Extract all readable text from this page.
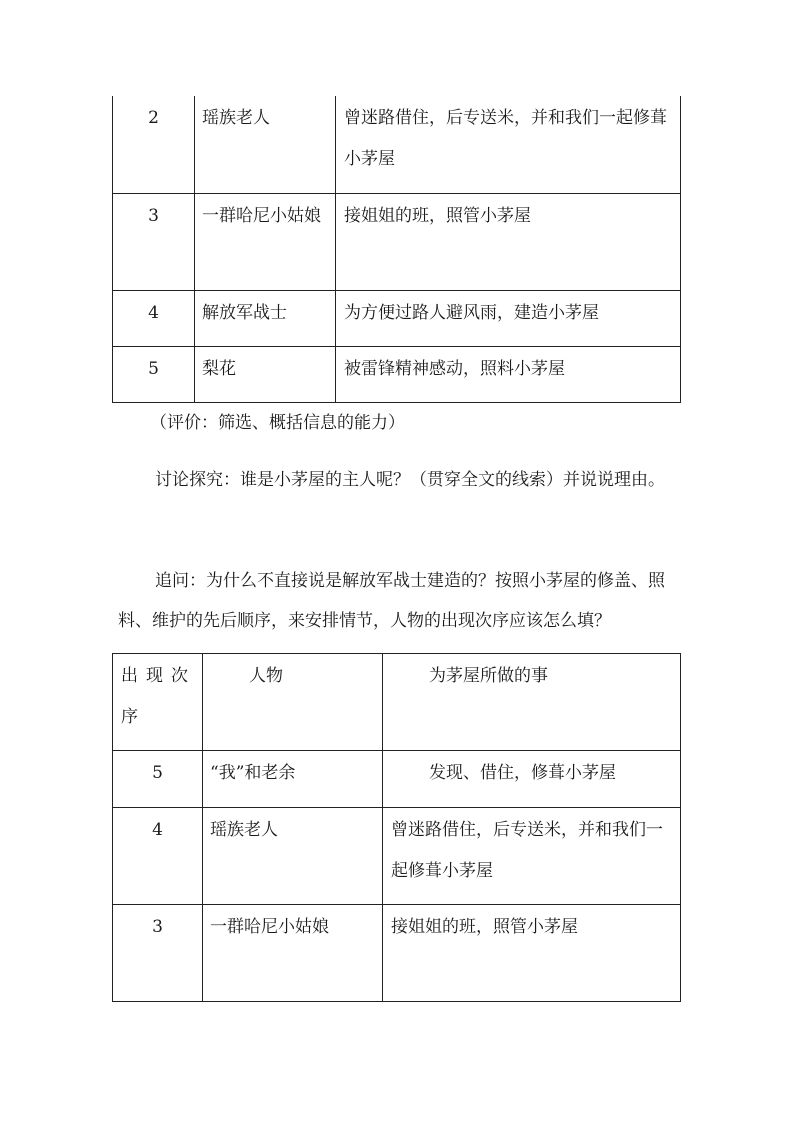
2	瑶族老人	曾迷路借住，后专送米，并和我们一起修葺小茅屋
3	一群哈尼小姑娘	接姐姐的班，照管小茅屋
4	解放军战士	为方便过路人避风雨，建造小茅屋
5	梨花	被雷锋精神感动，照料小茅屋

（评价：筛选、概括信息的能力）

讨论探究：谁是小茅屋的主人呢？（贯穿全文的线索）并说说理由。

追问：为什么不直接说是解放军战士建造的？按照小茅屋的修盖、照料、维护的先后顺序，来安排情节，人物的出现次序应该怎么填？

出现次序	人物	为茅屋所做的事
5	“我”和老余	发现、借住，修葺小茅屋
4	瑶族老人	曾迷路借住，后专送米，并和我们一起修葺小茅屋
3	一群哈尼小姑娘	接姐姐的班，照管小茅屋
